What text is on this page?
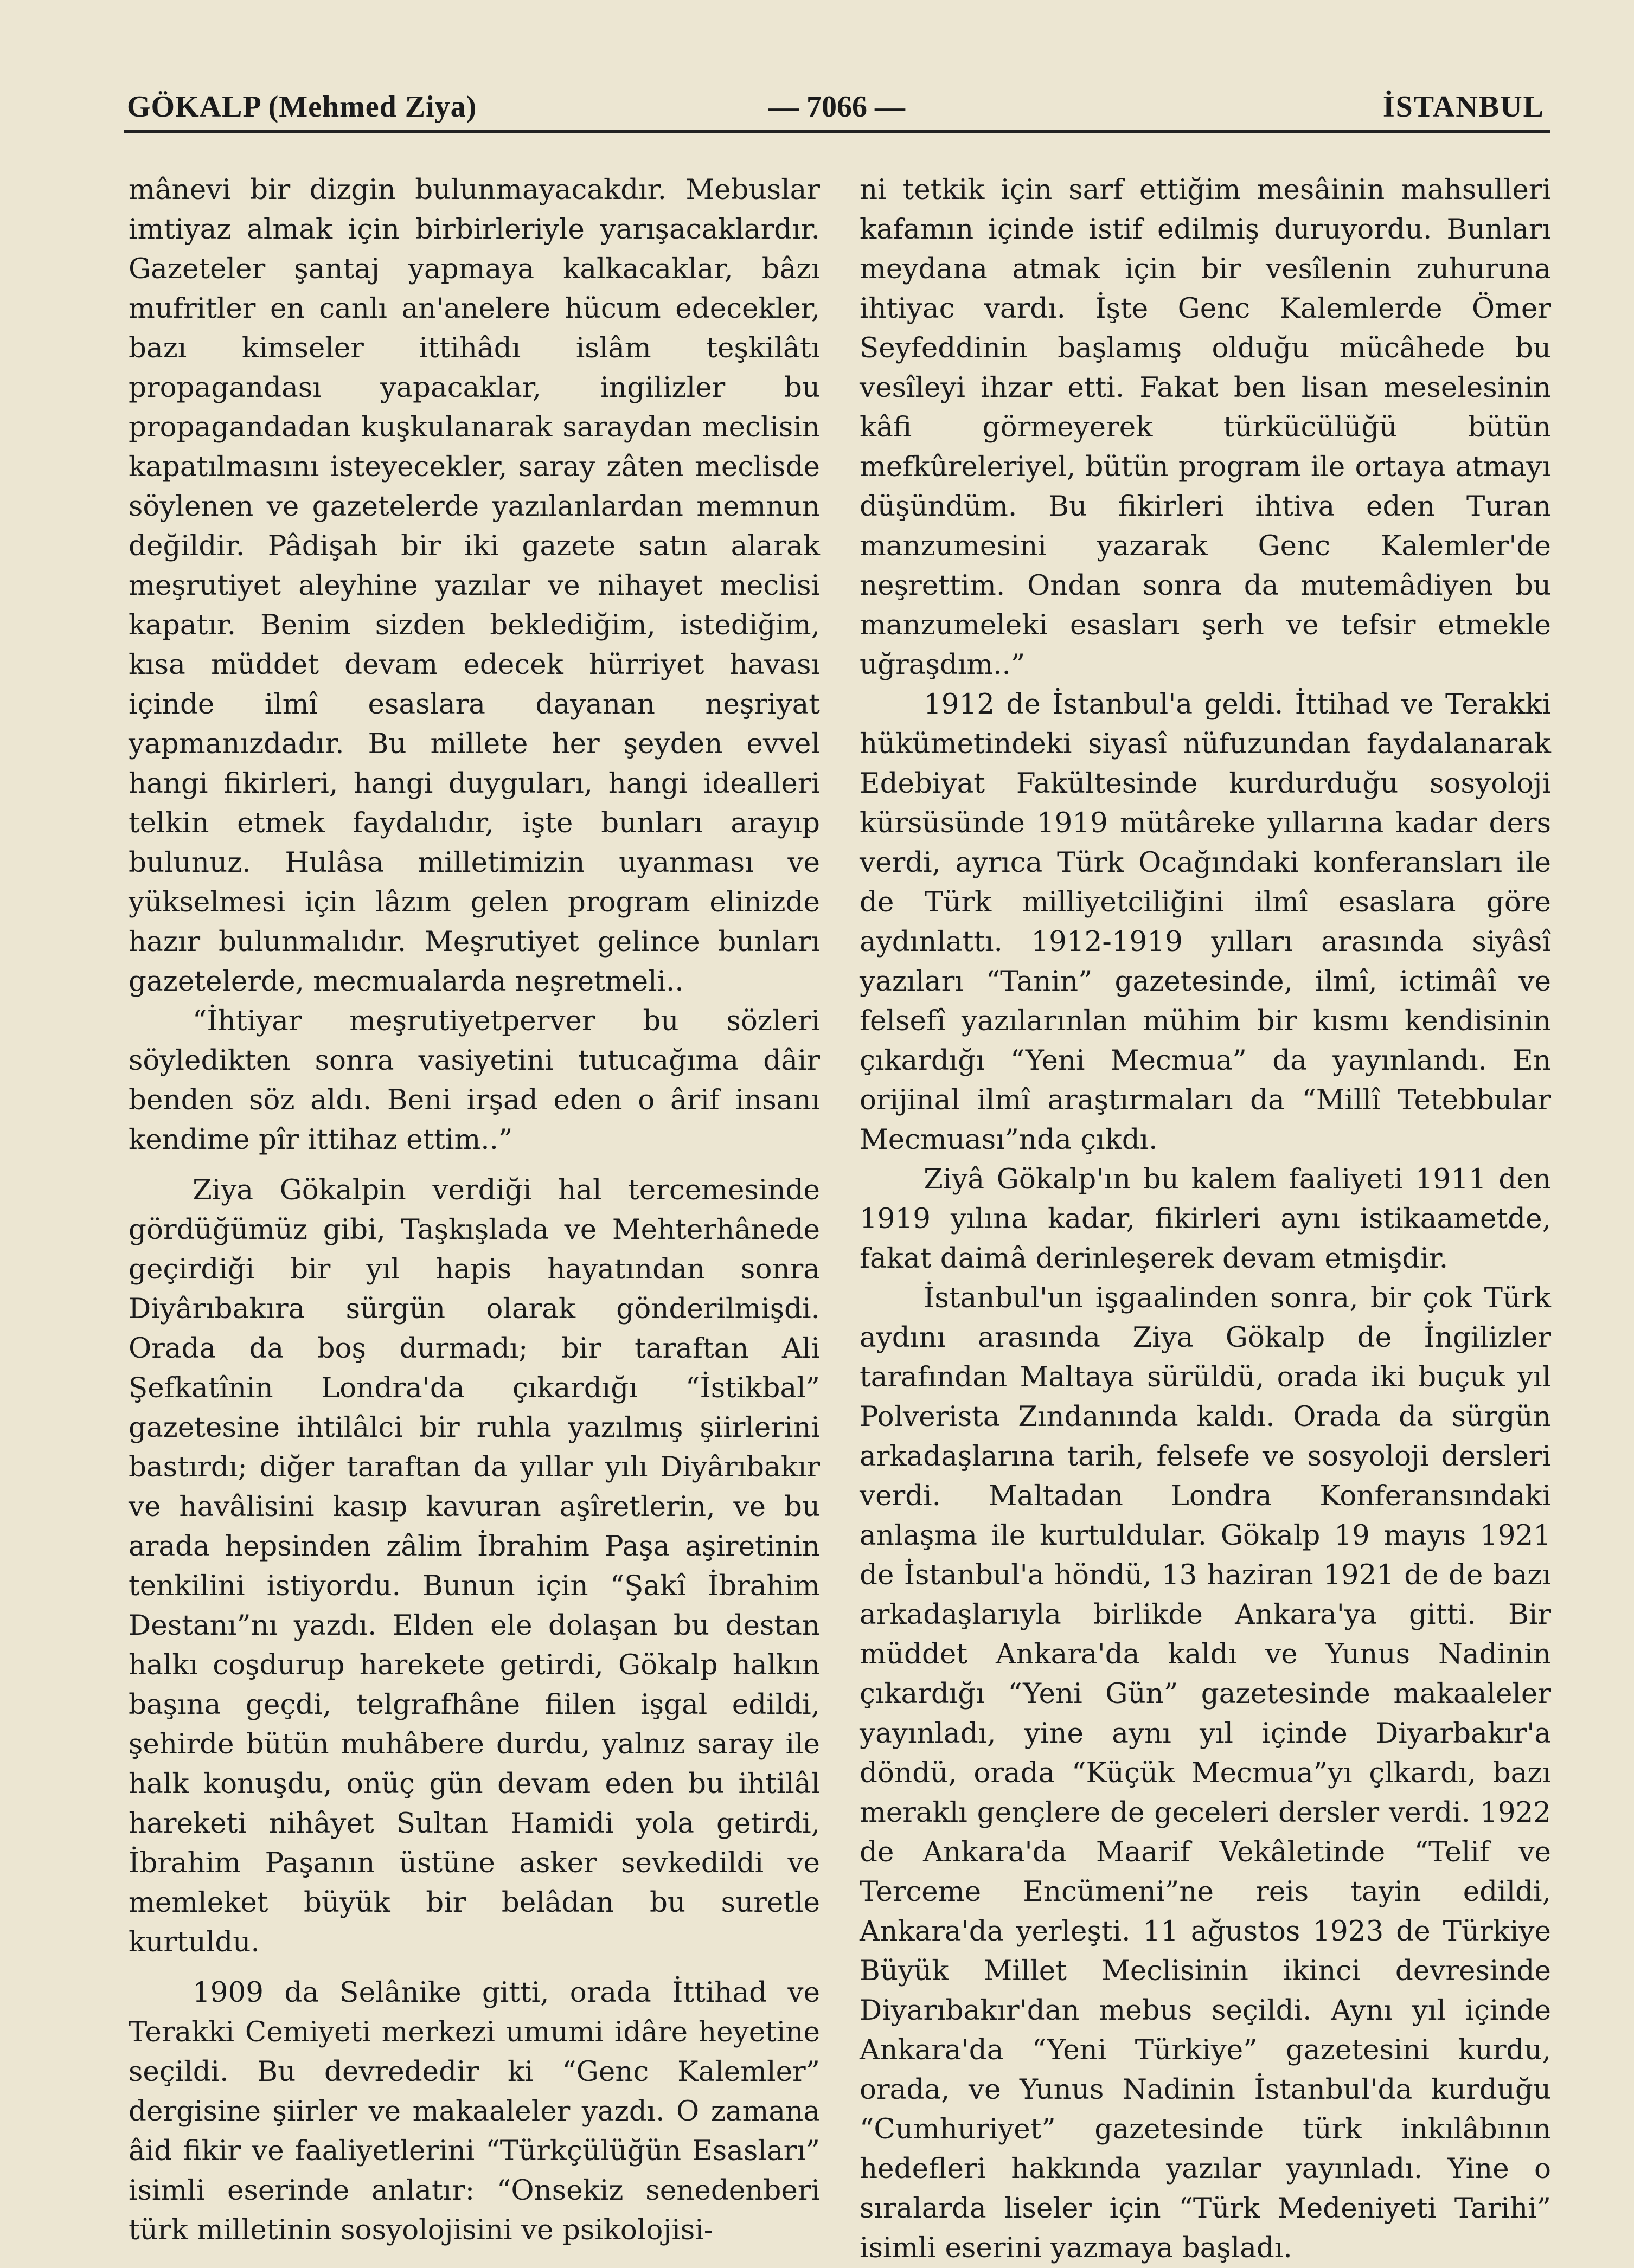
GÖKALP (Mehmed Ziya)	— 7066 —	İSTANBUL

mânevi bir dizgin bulunmayacakdır. Mebuslar imtiyaz almak için birbirleriyle yarışacaklardır. Gazeteler şantaj yapmaya kalkacaklar, bâzı mufritler en canlı an'anelere hücum edecekler, bazı kimseler ittihâdı islâm teşkilâtı propagandası yapacaklar, ingilizler bu propagandadan kuşkulanarak saraydan meclisin kapatılmasını isteyecekler, saray zâten meclisde söylenen ve gazetelerde yazılanlardan memnun değildir. Pâdişah bir iki gazete satın alarak meşrutiyet aleyhine yazılar ve nihayet meclisi kapatır. Benim sizden beklediğim, istediğim, kısa müddet devam edecek hürriyet havası içinde ilmî esaslara dayanan neşriyat yapmanızdadır. Bu millete her şeyden evvel hangi fikirleri, hangi duyguları, hangi idealleri telkin etmek faydalıdır, işte bunları arayıp bulunuz. Hulâsa milletimizin uyanması ve yükselmesi için lâzım gelen program elinizde hazır bulunmalıdır. Meşrutiyet gelince bunları gazetelerde, mecmualarda neşretmeli..

“İhtiyar meşrutiyetperver bu sözleri söyledikten sonra vasiyetini tutucağıma dâir benden söz aldı. Beni irşad eden o ârif insanı kendime pîr ittihaz ettim..”

Ziya Gökalpin verdiği hal tercemesinde gördüğümüz gibi, Taşkışlada ve Mehterhânede geçirdiği bir yıl hapis hayatından sonra Diyârıbakıra sürgün olarak gönderilmişdi. Orada da boş durmadı; bir taraftan Ali Şefkatînin Londra'da çıkardığı “İstikbal” gazetesine ihtilâlci bir ruhla yazılmış şiirlerini bastırdı; diğer taraftan da yıllar yılı Diyârıbakır ve havâlisini kasıp kavuran aşîretlerin, ve bu arada hepsinden zâlim İbrahim Paşa aşiretinin tenkilini istiyordu. Bunun için “Şakî İbrahim Destanı”nı yazdı. Elden ele dolaşan bu destan halkı coşdurup harekete getirdi, Gökalp halkın başına geçdi, telgrafhâne fiilen işgal edildi, şehirde bütün muhâbere durdu, yalnız saray ile halk konuşdu, onüç gün devam eden bu ihtilâl hareketi nihâyet Sultan Hamidi yola getirdi, İbrahim Paşanın üstüne asker sevkedildi ve memleket büyük bir belâdan bu suretle kurtuldu.

1909 da Selânike gitti, orada İttihad ve Terakki Cemiyeti merkezi umumi idâre heyetine seçildi. Bu devrededir ki “Genc Kalemler” dergisine şiirler ve makaaleler yazdı. O zamana âid fikir ve faaliyetlerini “Türkçülüğün Esasları” isimli eserinde anlatır: “Onsekiz senedenberi türk milletinin sosyolojisini ve psikolojisi-

ni tetkik için sarf ettiğim mesâinin mahsulleri kafamın içinde istif edilmiş duruyordu. Bunları meydana atmak için bir vesîlenin zuhuruna ihtiyac vardı. İşte Genc Kalemlerde Ömer Seyfeddinin başlamış olduğu mücâhede bu vesîleyi ihzar etti. Fakat ben lisan meselesinin kâfi görmeyerek türkücülüğü bütün mefkûreleriyel, bütün program ile ortaya atmayı düşündüm. Bu fikirleri ihtiva eden Turan manzumesini yazarak Genc Kalemler'de neşrettim. Ondan sonra da mutemâdiyen bu manzumeleki esasları şerh ve tefsir etmekle uğraşdım..”

1912 de İstanbul'a geldi. İttihad ve Terakki hükümetindeki siyasî nüfuzundan faydalanarak Edebiyat Fakültesinde kurdurduğu sosyoloji kürsüsünde 1919 mütâreke yıllarına kadar ders verdi, ayrıca Türk Ocağındaki konferansları ile de Türk milliyetciliğini ilmî esaslara göre aydınlattı. 1912-1919 yılları arasında siyâsî yazıları “Tanin” gazetesinde, ilmî, ictimâî ve felsefî yazılarınlan mühim bir kısmı kendisinin çıkardığı “Yeni Mecmua” da yayınlandı. En orijinal ilmî araştırmaları da “Millî Tetebbular Mecmuası”nda çıkdı.

Ziyâ Gökalp'ın bu kalem faaliyeti 1911 den 1919 yılına kadar, fikirleri aynı istikaametde, fakat daimâ derinleşerek devam etmişdir.

İstanbul'un işgaalinden sonra, bir çok Türk aydını arasında Ziya Gökalp de İngilizler tarafından Maltaya sürüldü, orada iki buçuk yıl Polverista Zındanında kaldı. Orada da sürgün arkadaşlarına tarih, felsefe ve sosyoloji dersleri verdi. Maltadan Londra Konferansındaki anlaşma ile kurtuldular. Gökalp 19 mayıs 1921 de İstanbul'a höndü, 13 haziran 1921 de de bazı arkadaşlarıyla birlikde Ankara'ya gitti. Bir müddet Ankara'da kaldı ve Yunus Nadinin çıkardığı “Yeni Gün” gazetesinde makaaleler yayınladı, yine aynı yıl içinde Diyarbakır'a döndü, orada “Küçük Mecmua”yı çlkardı, bazı meraklı gençlere de geceleri dersler verdi. 1922 de Ankara'da Maarif Vekâletinde “Telif ve Terceme Encümeni”ne reis tayin edildi, Ankara'da yerleşti. 11 ağustos 1923 de Türkiye Büyük Millet Meclisinin ikinci devresinde Diyarıbakır'dan mebus seçildi. Aynı yıl içinde Ankara'da “Yeni Türkiye” gazetesini kurdu, orada, ve Yunus Nadinin İstanbul'da kurduğu “Cumhuriyet” gazetesinde türk inkılâbının hedefleri hakkında yazılar yayınladı. Yine o sıralarda liseler için “Türk Medeniyeti Tarihi” isimli eserini yazmaya başladı.
